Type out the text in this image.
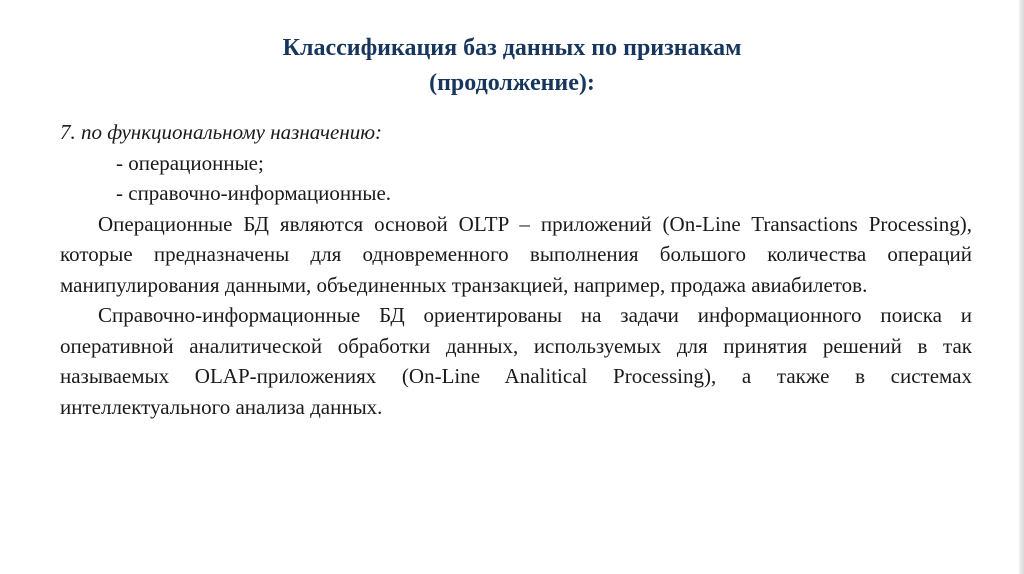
Классификация баз данных по признакам
(продолжение):

7. по функциональному назначению:

- операционные;

- справочно-информационные.

Операционные БД являются основой OLTP – приложений (On-Line Transactions Processing), которые предназначены для одновременного выполнения большого количества операций манипулирования данными, объединенных транзакцией, например, продажа авиабилетов.

Справочно-информационные БД ориентированы на задачи информационного поиска и оперативной аналитической обработки данных, используемых для принятия решений в так называемых OLAP-приложениях (On-Line Analitical Processing), а также в системах интеллектуального анализа данных.
